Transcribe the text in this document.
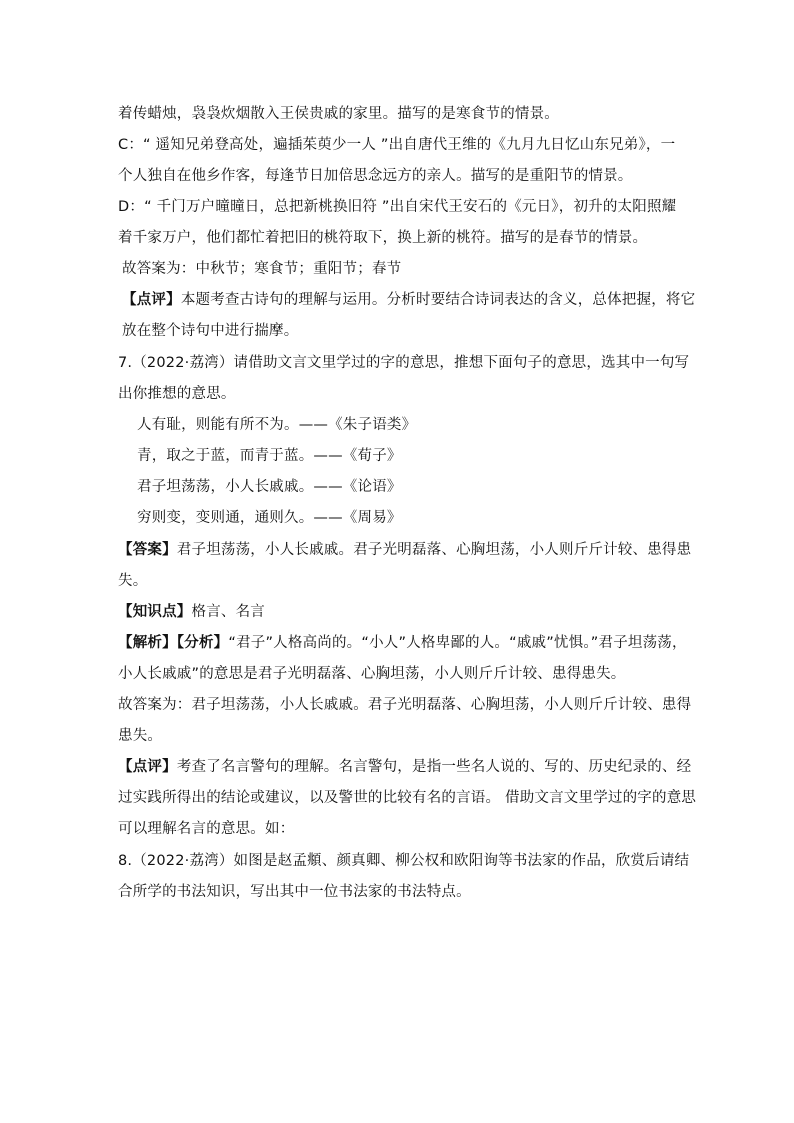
着传蜡烛，袅袅炊烟散入王侯贵戚的家里。描写的是寒食节的情景。
C：“ 遥知兄弟登高处，遍插茱萸少一人 ”出自唐代王维的《九月九日忆山东兄弟》，一
个人独自在他乡作客，每逢节日加倍思念远方的亲人。描写的是重阳节的情景。
D：“ 千门万户曈曈日，总把新桃换旧符 ”出自宋代王安石的《元日》，初升的太阳照耀
着千家万户，他们都忙着把旧的桃符取下，换上新的桃符。描写的是春节的情景。
故答案为：中秋节；寒食节；重阳节；春节
【点评】本题考查古诗句的理解与运用。分析时要结合诗词表达的含义，总体把握，将它
放在整个诗句中进行揣摩。
7.（2022·荔湾）请借助文言文里学过的字的意思，推想下面句子的意思，选其中一句写
出你推想的意思。
人有耻，则能有所不为。——《朱子语类》
青，取之于蓝，而青于蓝。——《荀子》
君子坦荡荡，小人长戚戚。——《论语》
穷则变，变则通，通则久。——《周易》
【答案】君子坦荡荡，小人长戚戚。君子光明磊落、心胸坦荡，小人则斤斤计较、患得患
失。
【知识点】格言、名言
【解析】【分析】“君子”人格高尚的。“小人”人格卑鄙的人。“戚戚”忧惧。”君子坦荡荡，
小人长戚戚”的意思是君子光明磊落、心胸坦荡，小人则斤斤计较、患得患失。
故答案为：君子坦荡荡，小人长戚戚。君子光明磊落、心胸坦荡，小人则斤斤计较、患得
患失。
【点评】考查了名言警句的理解。名言警句，是指一些名人说的、写的、历史纪录的、经
过实践所得出的结论或建议，以及警世的比较有名的言语。 借助文言文里学过的字的意思
可以理解名言的意思。如：
8.（2022·荔湾）如图是赵孟頫、颜真卿、柳公权和欧阳询等书法家的作品，欣赏后请结
合所学的书法知识，写出其中一位书法家的书法特点。
